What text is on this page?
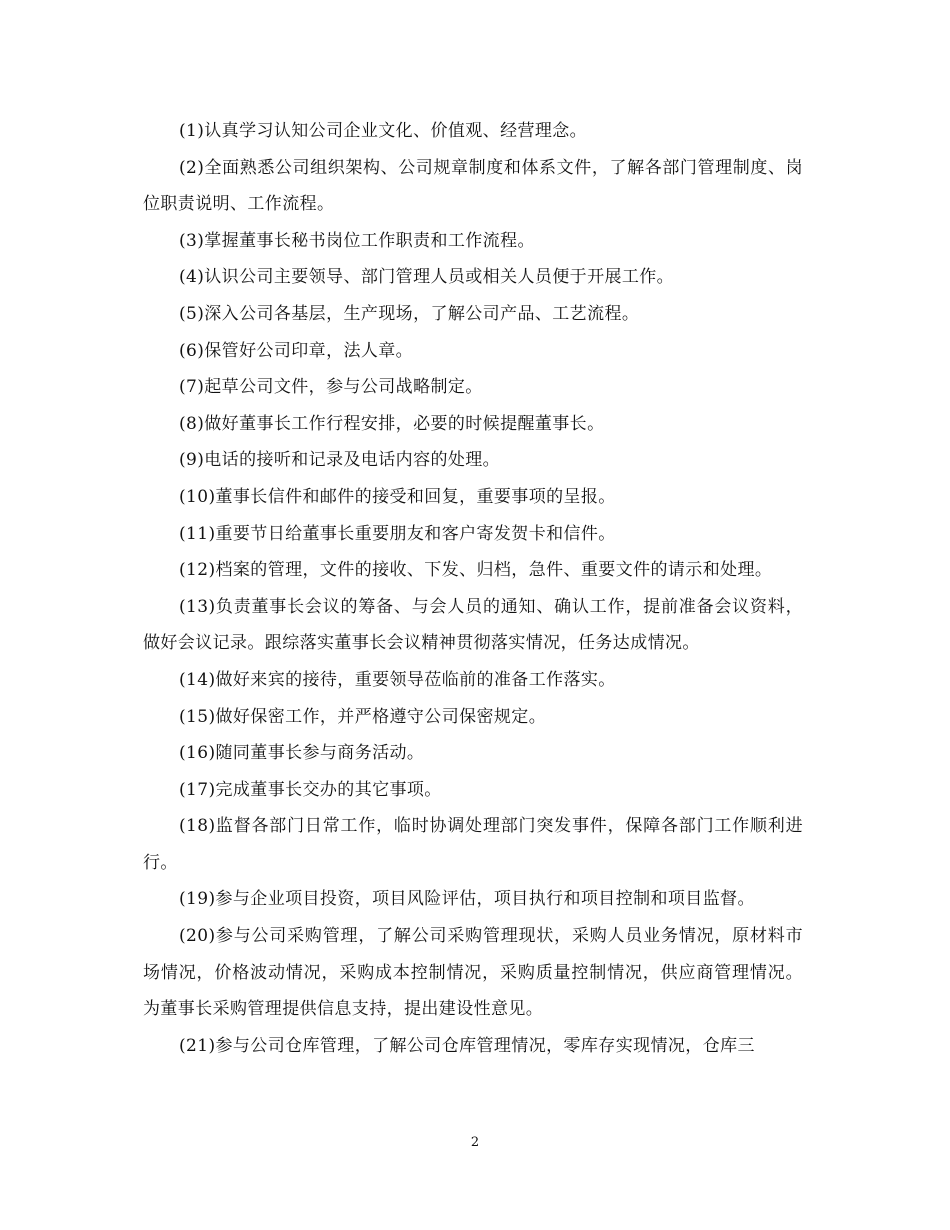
(1)认真学习认知公司企业文化、价值观、经营理念。

(2)全面熟悉公司组织架构、公司规章制度和体系文件，了解各部门管理制度、岗位职责说明、工作流程。

(3)掌握董事长秘书岗位工作职责和工作流程。

(4)认识公司主要领导、部门管理人员或相关人员便于开展工作。

(5)深入公司各基层，生产现场，了解公司产品、工艺流程。

(6)保管好公司印章，法人章。

(7)起草公司文件，参与公司战略制定。

(8)做好董事长工作行程安排，必要的时候提醒董事长。

(9)电话的接听和记录及电话内容的处理。

(10)董事长信件和邮件的接受和回复，重要事项的呈报。

(11)重要节日给董事长重要朋友和客户寄发贺卡和信件。

(12)档案的管理，文件的接收、下发、归档，急件、重要文件的请示和处理。

(13)负责董事长会议的筹备、与会人员的通知、确认工作，提前准备会议资料，做好会议记录。跟综落实董事长会议精神贯彻落实情况，任务达成情况。

(14)做好来宾的接待，重要领导莅临前的准备工作落实。

(15)做好保密工作，并严格遵守公司保密规定。

(16)随同董事长参与商务活动。

(17)完成董事长交办的其它事项。

(18)监督各部门日常工作，临时协调处理部门突发事件，保障各部门工作顺利进行。

(19)参与企业项目投资，项目风险评估，项目执行和项目控制和项目监督。

(20)参与公司采购管理，了解公司采购管理现状，采购人员业务情况，原材料市场情况，价格波动情况，采购成本控制情况，采购质量控制情况，供应商管理情况。为董事长采购管理提供信息支持，提出建设性意见。

(21)参与公司仓库管理，了解公司仓库管理情况，零库存实现情况，仓库三

2
